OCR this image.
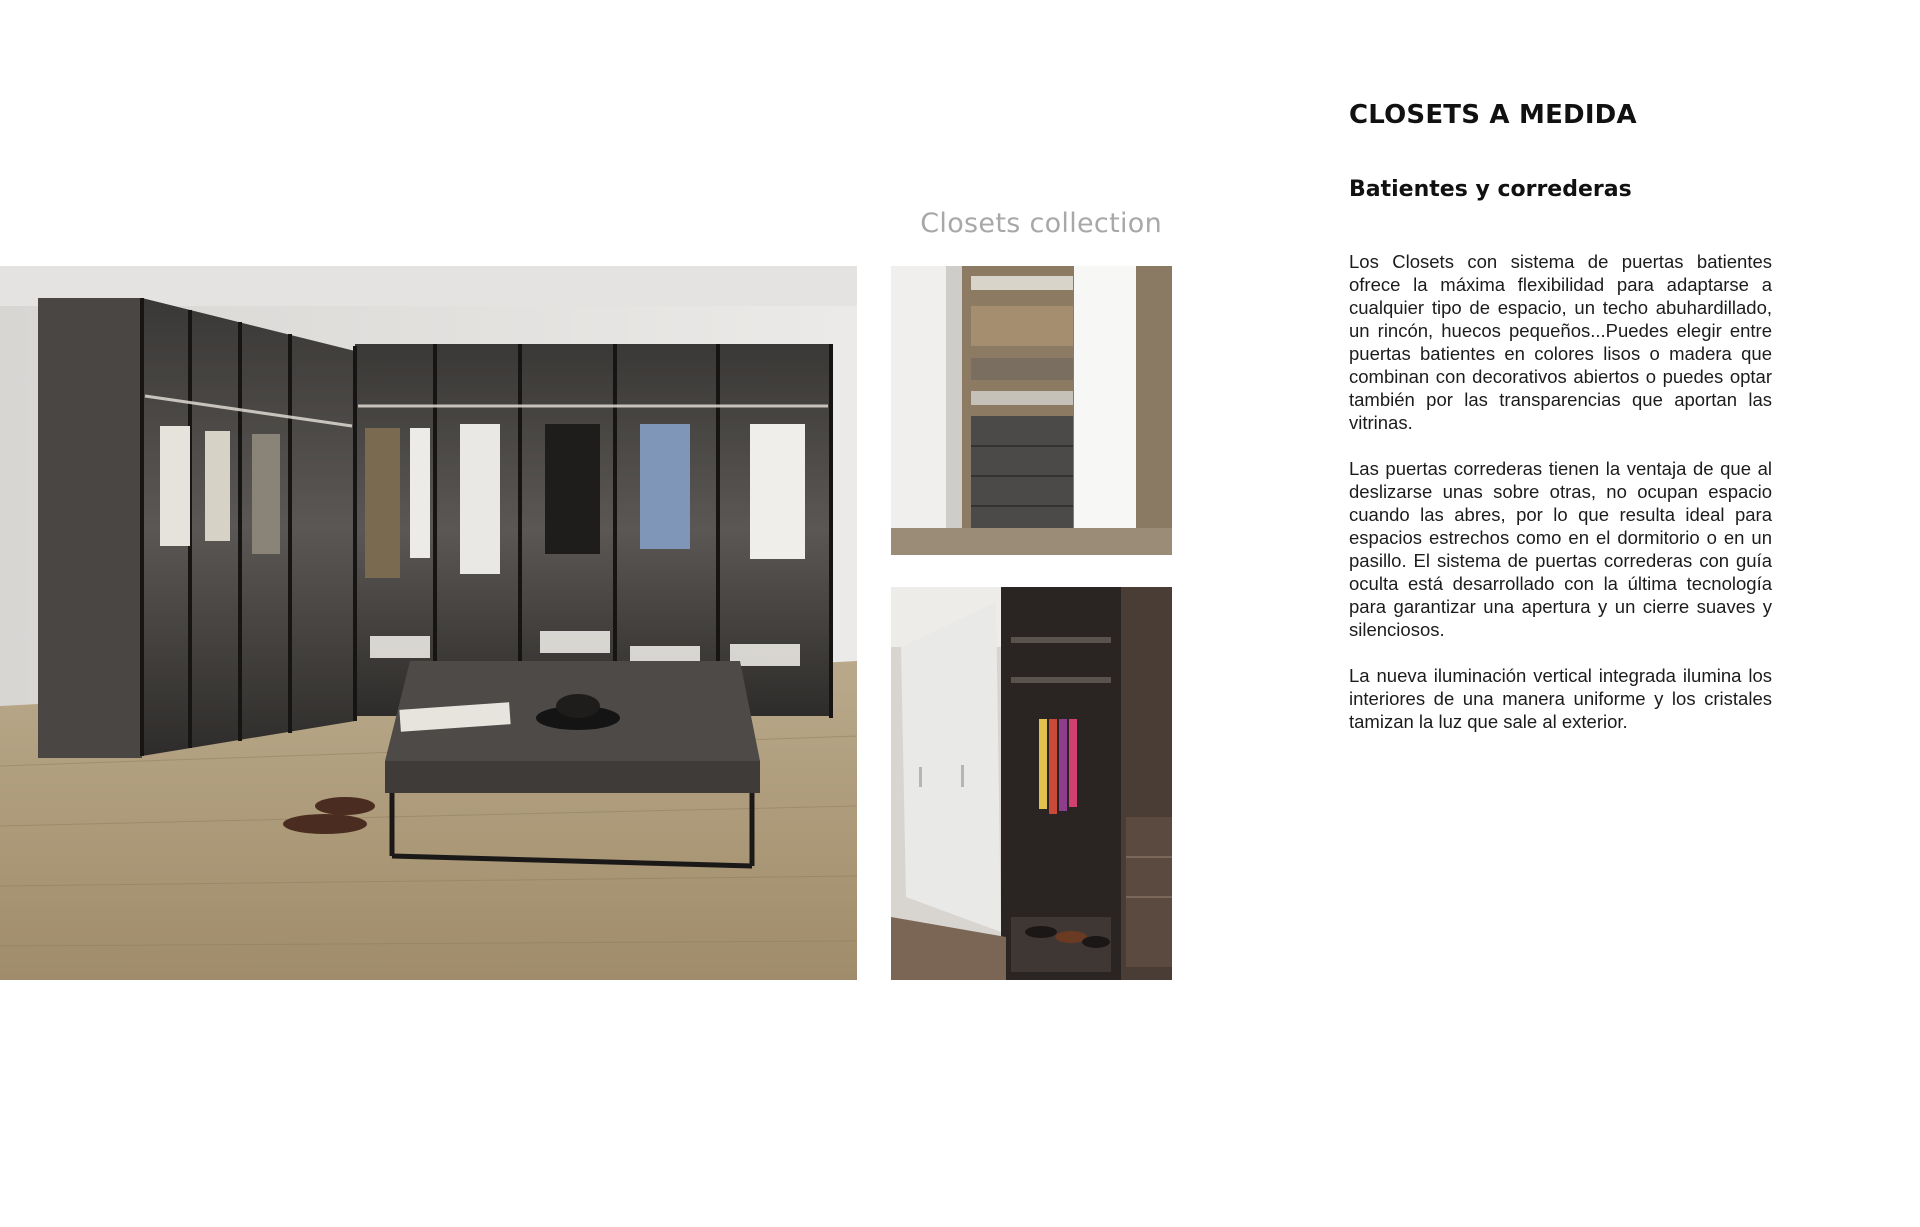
Closets collection
CLOSETS A MEDIDA
Batientes y correderas

Los Closets con sistema de puertas batientes ofrece la máxima flexibilidad para adaptarse a cualquier tipo de espacio, un techo abuhardillado, un rincón, huecos pequeños...Puedes elegir entre puertas batientes en colores lisos o madera que combinan con decorativos abiertos o puedes optar también por las transparencias que aportan las vitrinas.

Las puertas correderas tienen la ventaja de que al deslizarse unas sobre otras, no ocupan espacio cuando las abres, por lo que resulta ideal para espacios estrechos como en el dormitorio o en un pasillo. El sistema de puertas correderas con guía oculta está desarrollado con la última tecnología para garantizar una apertura y un cierre suaves y silenciosos.

La nueva iluminación vertical integrada ilumina los interiores de una manera uniforme y los cristales tamizan la luz que sale al exterior.
